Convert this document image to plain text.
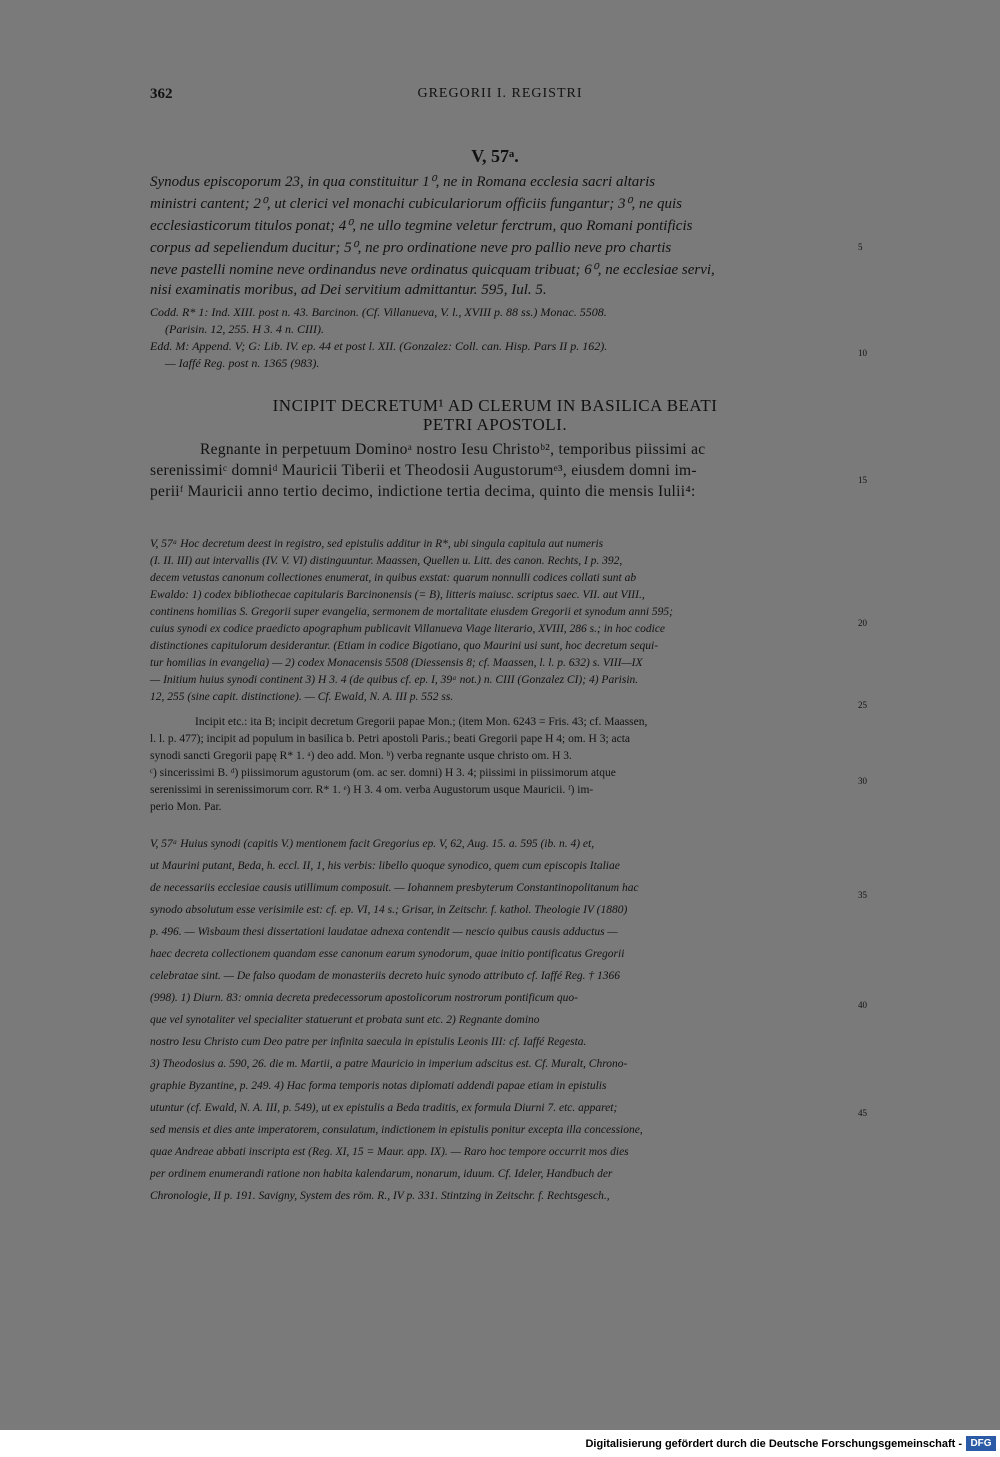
362	GREGORII I. REGISTRI
V, 57ᵃ.
Synodus episcoporum 23, in qua constituitur 1⁰, ne in Romana ecclesia sacri altaris
ministri cantent; 2⁰, ut clerici vel monachi cubiculariorum officiis fungantur; 3⁰, ne quis
ecclesiasticorum titulos ponat; 4⁰, ne ullo tegmine veletur ferctrum, quo Romani pontificis
corpus ad sepeliendum ducitur; 5⁰, ne pro ordinatione neve pro pallio neve pro chartis
neve pastelli nomine neve ordinandus neve ordinatus quicquam tribuat; 6⁰, ne ecclesiae servi,
nisi examinatis moribus, ad Dei servitium admittantur. 595, Iul. 5.
Codd. R* 1: Ind. XIII. post n. 43. Barcinon. (Cf. Villanueva, V. l., XVIII p. 88 ss.) Monac. 5508.
(Parisin. 12, 255. H 3. 4 n. CIII).
Edd. M: Append. V; G: Lib. IV. ep. 44 et post l. XII. (Gonzalez: Coll. can. Hisp. Pars II p. 162).
— Iaffé Reg. post n. 1365 (983).
INCIPIT DECRETUM¹ AD CLERUM IN BASILICA BEATI
PETRI APOSTOLI.
Regnante in perpetuum Dominoᵃ nostro Iesu Christoᵇ², temporibus piissimi ac
serenissimiᶜ domniᵈ Mauricii Tiberii et Theodosii Augustorumᵉ³, eiusdem domni im-
periiᶠ Mauricii anno tertio decimo, indictione tertia decima, quinto die mensis Iulii⁴:
V, 57ᵃ Hoc decretum deest in registro, sed epistulis additur in R*, ubi singula capitula aut numeris
(I. II. III) aut intervallis (IV. V. VI) distinguuntur. Maassen, Quellen u. Litt. des canon. Rechts, I p. 392,
decem vetustas canonum collectiones enumerat, in quibus exstat: quarum nonnulli codices collati sunt ab
Ewaldo: 1) codex bibliothecae capitularis Barcinonensis (= B), litteris maiusc. scriptus saec. VII. aut VIII.,
continens homilias S. Gregorii super evangelia, sermonem de mortalitate eiusdem Gregorii et synodum anni 595;
cuius synodi ex codice praedicto apographum publicavit Villanueva Viage literario, XVIII, 286 s.; in hoc codice
distinctiones capitulorum desiderantur. (Etiam in codice Bigotiano, quo Maurini usi sunt, hoc decretum sequi-
tur homilias in evangelia) — 2) codex Monacensis 5508 (Diessensis 8; cf. Maassen, l. l. p. 632) s. VIII—IX
— Initium huius synodi continent 3) H 3. 4 (de quibus cf. ep. I, 39ᵃ not.) n. CIII (Gonzalez CI); 4) Parisin.
12, 255 (sine capit. distinctione). — Cf. Ewald, N. A. III p. 552 ss.
Incipit etc.: ita B; incipit decretum Gregorii papae Mon.; (item Mon. 6243 = Fris. 43; cf. Maassen,
l. l. p. 477); incipit ad populum in basilica b. Petri apostoli Paris.; beati Gregorii pape H 4; om. H 3; acta
synodi sancti Gregorii papę R* 1. ᵃ) deo add. Mon. ᵇ) verba regnante usque christo om. H 3.
ᶜ) sincerissimi B. ᵈ) piissimorum agustorum (om. ac ser. domni) H 3. 4; piissimi in piissimorum atque
serenissimi in serenissimorum corr. R* 1. ᵉ) H 3. 4 om. verba Augustorum usque Mauricii. ᶠ) im-
perio Mon. Par.
V, 57ᵃ Huius synodi (capitis V.) mentionem facit Gregorius ep. V, 62, Aug. 15. a. 595 (ib. n. 4) et,
ut Maurini putant, Beda, h. eccl. II, 1, his verbis: libello quoque synodico, quem cum episcopis Italiae
de necessariis ecclesiae causis utillimum composuit. — Iohannem presbyterum Constantinopolitanum hac
synodo absolutum esse verisimile est: cf. ep. VI, 14 s.; Grisar, in Zeitschr. f. kathol. Theologie IV (1880)
p. 496. — Wisbaum thesi dissertationi laudatae adnexa contendit — nescio quibus causis adductus —
haec decreta collectionem quandam esse canonum earum synodorum, quae initio pontificatus Gregorii
celebratae sint. — De falso quodam de monasteriis decreto huic synodo attributo cf. Iaffé Reg. † 1366
(998). 1) Diurn. 83: omnia decreta predecessorum apostolicorum nostrorum pontificum quo-
que vel synotaliter vel specialiter statuerunt et probata sunt etc. 2) Regnante domino
nostro Iesu Christo cum Deo patre per infinita saecula in epistulis Leonis III: cf. Iaffé Regesta.
3) Theodosius a. 590, 26. die m. Martii, a patre Mauricio in imperium adscitus est. Cf. Muralt, Chrono-
graphie Byzantine, p. 249. 4) Hac forma temporis notas diplomati addendi papae etiam in epistulis
utuntur (cf. Ewald, N. A. III, p. 549), ut ex epistulis a Beda traditis, ex formula Diurni 7. etc. apparet;
sed mensis et dies ante imperatorem, consulatum, indictionem in epistulis ponitur excepta illa concessione,
quae Andreae abbati inscripta est (Reg. XI, 15 = Maur. app. IX). — Raro hoc tempore occurrit mos dies
per ordinem enumerandi ratione non habita kalendarum, nonarum, iduum. Cf. Ideler, Handbuch der
Chronologie, II p. 191. Savigny, System des röm. R., IV p. 331. Stintzing in Zeitschr. f. Rechtsgesch.,
5
10
15
20
25
30
35
40
45
Digitalisierung gefördert durch die Deutsche Forschungsgemeinschaft - DFG
